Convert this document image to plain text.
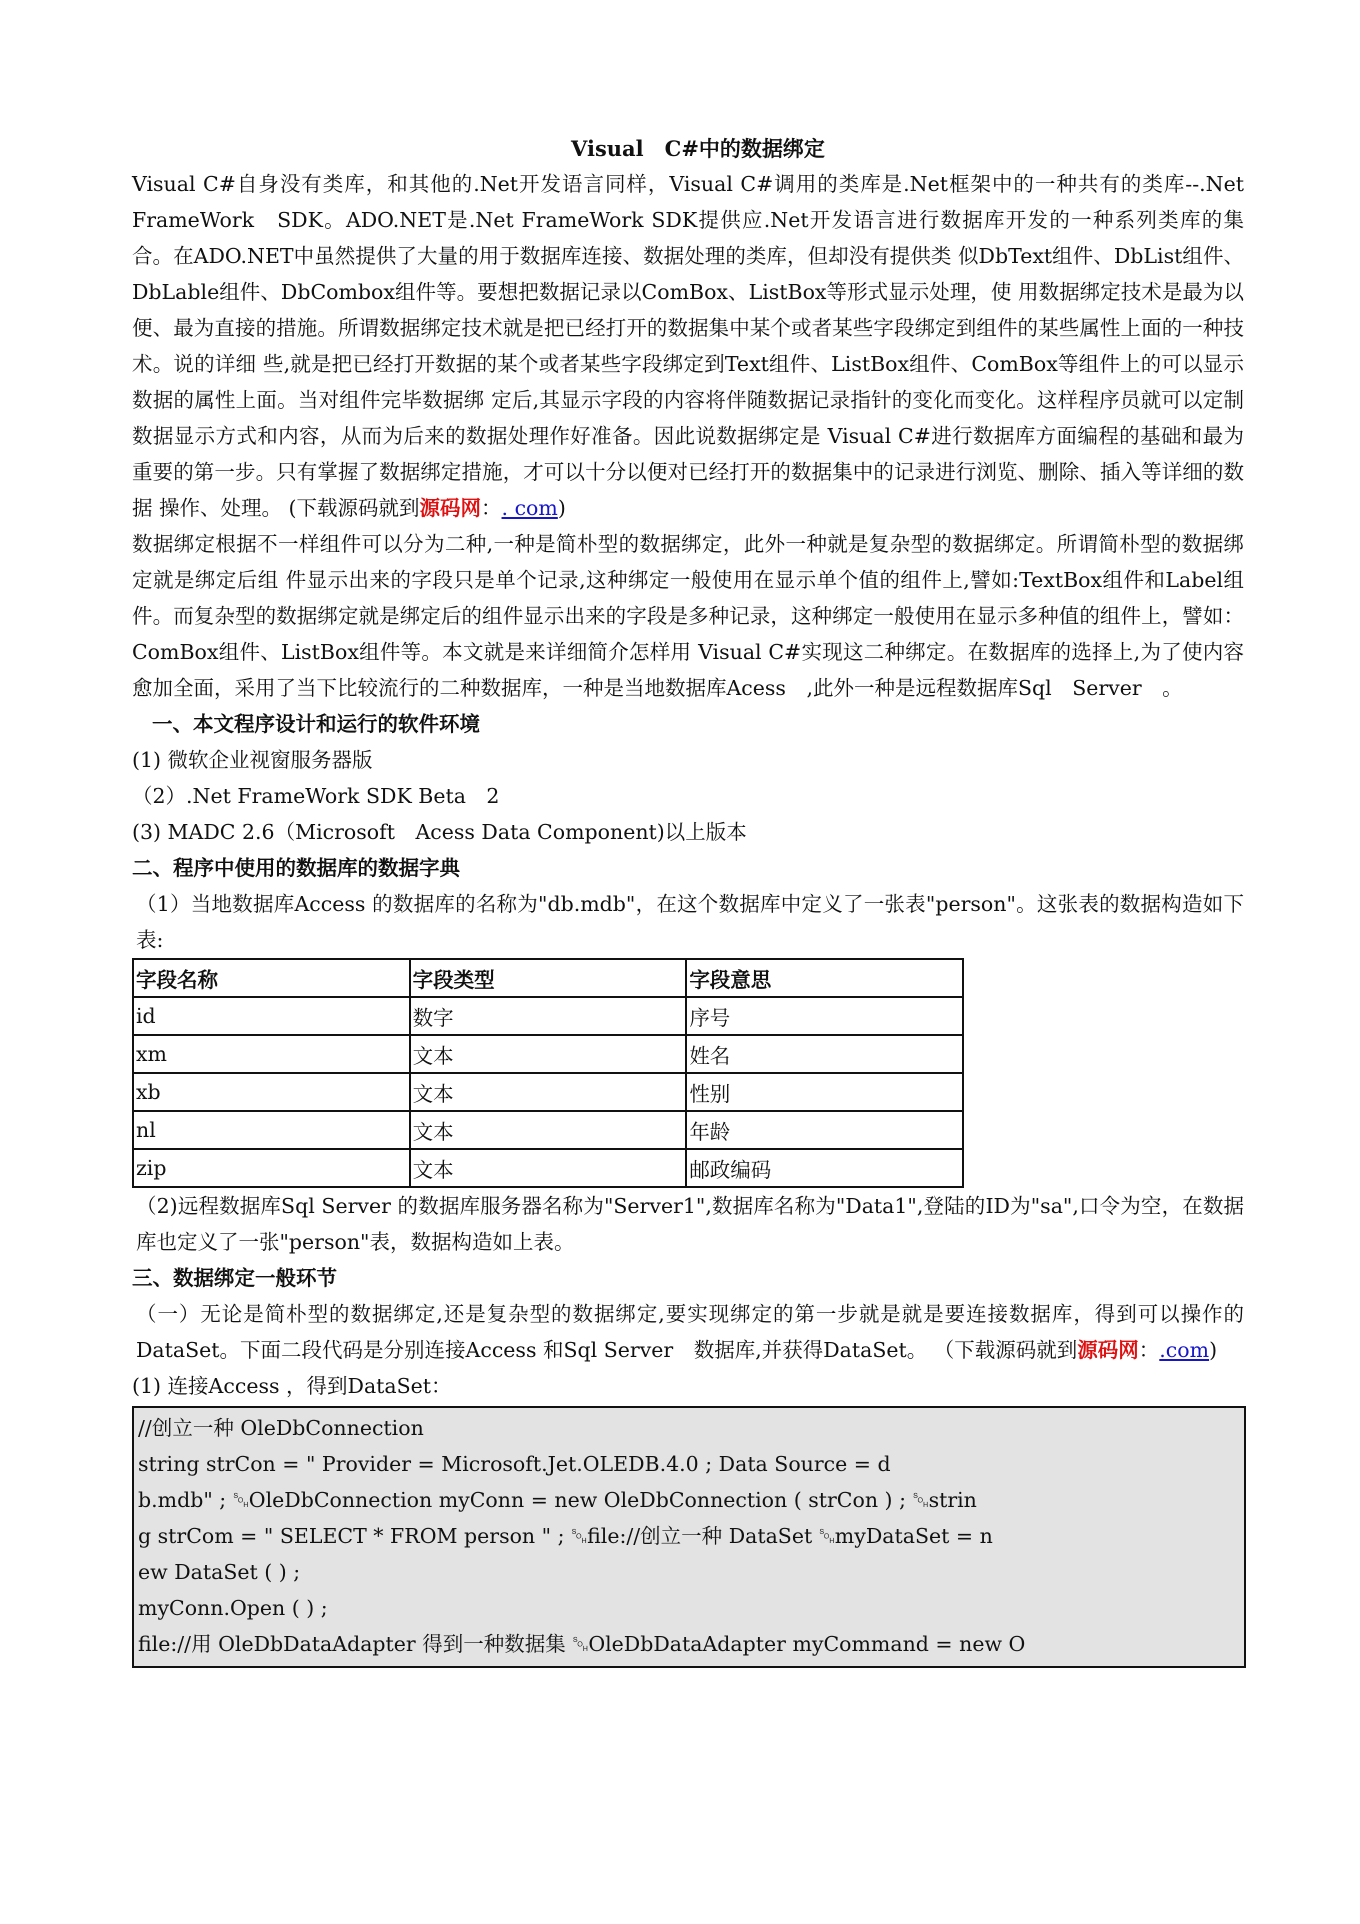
Visual　C#中的数据绑定

Visual C#自身没有类库，和其他的.Net开发语言同样，Visual C#调用的类库是.Net框架中的一种共有的类库--.Net　FrameWork　SDK。ADO.NET是.Net FrameWork SDK提供应.Net开发语言进行数据库开发的一种系列类库的集合。在ADO.NET中虽然提供了大量的用于数据库连接、数据处理的类库，但却没有提供类 似DbText组件、DbList组件、DbLable组件、DbCombox组件等。要想把数据记录以ComBox、ListBox等形式显示处理，使 用数据绑定技术是最为以便、最为直接的措施。所谓数据绑定技术就是把已经打开的数据集中某个或者某些字段绑定到组件的某些属性上面的一种技术。说的详细 些,就是把已经打开数据的某个或者某些字段绑定到Text组件、ListBox组件、ComBox等组件上的可以显示数据的属性上面。当对组件完毕数据绑 定后,其显示字段的内容将伴随数据记录指针的变化而变化。这样程序员就可以定制数据显示方式和内容，从而为后来的数据处理作好准备。因此说数据绑定是 Visual C#进行数据库方面编程的基础和最为重要的第一步。只有掌握了数据绑定措施，才可以十分以便对已经打开的数据集中的记录进行浏览、删除、插入等详细的数据 操作、处理。 (下载源码就到源码网：. com)

数据绑定根据不一样组件可以分为二种,一种是简朴型的数据绑定，此外一种就是复杂型的数据绑定。所谓简朴型的数据绑定就是绑定后组 件显示出来的字段只是单个记录,这种绑定一般使用在显示单个值的组件上,譬如:TextBox组件和Label组件。而复杂型的数据绑定就是绑定后的组件显示出来的字段是多种记录，这种绑定一般使用在显示多种值的组件上，譬如：ComBox组件、ListBox组件等。本文就是来详细简介怎样用 Visual C#实现这二种绑定。在数据库的选择上,为了使内容愈加全面，采用了当下比较流行的二种数据库，一种是当地数据库Acess　,此外一种是远程数据库Sql　Server　。

一、本文程序设计和运行的软件环境

(1) 微软企业视窗服务器版

（2）.Net FrameWork SDK Beta　2

(3) MADC 2.6（Microsoft　Acess Data Component)以上版本

二、程序中使用的数据库的数据字典

（1）当地数据库Access 的数据库的名称为"db.mdb"，在这个数据库中定义了一张表"person"。这张表的数据构造如下表:

字段名称	字段类型	字段意思
id	数字	序号
xm	文本	姓名
xb	文本	性别
nl	文本	年龄
zip	文本	邮政编码

（2)远程数据库Sql Server 的数据库服务器名称为"Server1",数据库名称为"Data1",登陆的ID为"sa",口令为空，在数据库也定义了一张"person"表，数据构造如上表。

三、数据绑定一般环节

（一）无论是简朴型的数据绑定,还是复杂型的数据绑定,要实现绑定的第一步就是就是要连接数据库，得到可以操作的DataSet。下面二段代码是分别连接Access 和Sql Server　数据库,并获得DataSet。 （下载源码就到源码网：.com)

(1) 连接Access ，得到DataSet：

//创立一种 OleDbConnection
string strCon = " Provider = Microsoft.Jet.OLEDB.4.0 ; Data Source = d
b.mdb" ; ␁OleDbConnection myConn = new OleDbConnection ( strCon ) ; ␁strin
g strCom = " SELECT * FROM person " ; ␁file://创立一种 DataSet ␁myDataSet = n
ew DataSet ( ) ;
myConn.Open ( ) ;
file://用 OleDbDataAdapter 得到一种数据集 ␁OleDbDataAdapter myCommand = new O
